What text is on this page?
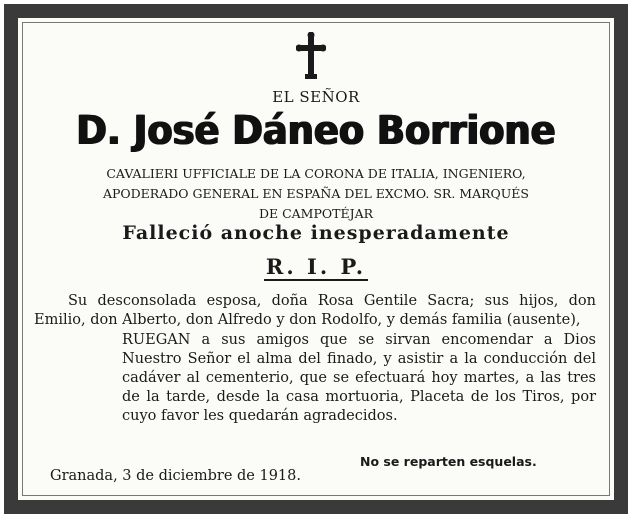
EL SEÑOR
D. José Dáneo Borrione
CAVALIERI UFFICIALE DE LA CORONA DE ITALIA, INGENIERO,
APODERADO GENERAL EN ESPAÑA DEL EXCMO. SR. MARQUÉS
DE CAMPOTÉJAR
Falleció anoche inesperadamente
R. I. P.

Su desconsolada esposa, doña Rosa Gentile Sacra; sus hijos, don Emilio, don Alberto, don Alfredo y don Rodolfo, y demás familia (ausente),

RUEGAN a sus amigos que se sirvan encomendar a Dios Nuestro Señor el alma del finado, y asistir a la conducción del cadáver al cementerio, que se efectuará hoy martes, a las tres de la tarde, desde la casa mortuoria, Placeta de los Tiros, por cuyo favor les quedarán agradecidos.

No se reparten esquelas.
Granada, 3 de diciembre de 1918.
